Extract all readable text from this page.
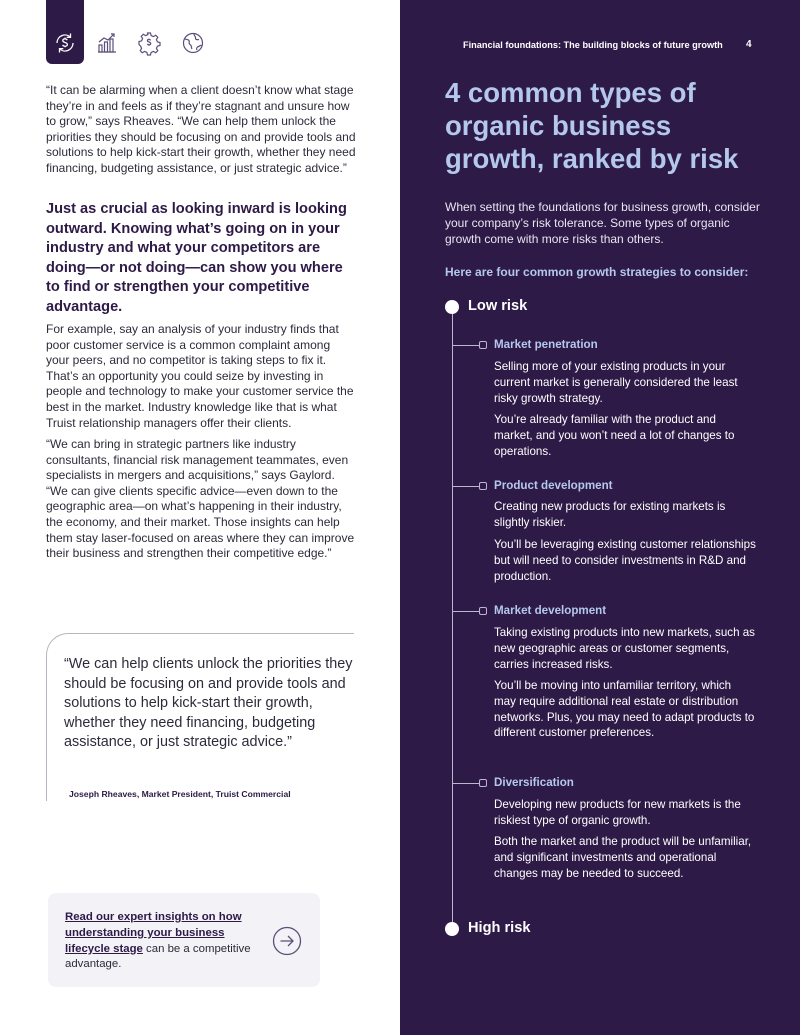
“It can be alarming when a client doesn’t know what stage they’re in and feels as if they’re stagnant and unsure how to grow,” says Rheaves. “We can help them unlock the priorities they should be focusing on and provide tools and solutions to help kick-start their growth, whether they need financing, budgeting assistance, or just strategic advice.”

Just as crucial as looking inward is looking outward. Knowing what’s going on in your industry and what your competitors are doing—or not doing—can show you where to find or strengthen your competitive advantage.

For example, say an analysis of your industry finds that poor customer service is a common complaint among your peers, and no competitor is taking steps to fix it. That’s an opportunity you could seize by investing in people and technology to make your customer service the best in the market. Industry knowledge like that is what Truist relationship managers offer their clients.

“We can bring in strategic partners like industry consultants, financial risk management teammates, even specialists in mergers and acquisitions,” says Gaylord. “We can give clients specific advice—even down to the geographic area—on what’s happening in their industry, the economy, and their market. Those insights can help them stay laser-focused on areas where they can improve their business and strengthen their competitive edge.”

“We can help clients unlock the priorities they should be focusing on and provide tools and solutions to help kick-start their growth, whether they need financing, budgeting assistance, or just strategic advice.”

Joseph Rheaves, Market President, Truist Commercial

Read our expert insights on how understanding your business lifecycle stage can be a competitive advantage.

Financial foundations: The building blocks of future growth 4
4 common types of organic business growth, ranked by risk

When setting the foundations for business growth, consider your company’s risk tolerance. Some types of organic growth come with more risks than others.

Here are four common growth strategies to consider:

Low risk
High risk
Market penetration

Selling more of your existing products in your current market is generally considered the least risky growth strategy.

You’re already familiar with the product and market, and you won’t need a lot of changes to operations.

Product development

Creating new products for existing markets is slightly riskier.

You’ll be leveraging existing customer relationships but will need to consider investments in R&D and production.

Market development

Taking existing products into new markets, such as new geographic areas or customer segments, carries increased risks.

You’ll be moving into unfamiliar territory, which may require additional real estate or distribution networks. Plus, you may need to adapt products to different customer preferences.

Diversification

Developing new products for new markets is the riskiest type of organic growth.

Both the market and the product will be unfamiliar, and significant investments and operational changes may be needed to succeed.
